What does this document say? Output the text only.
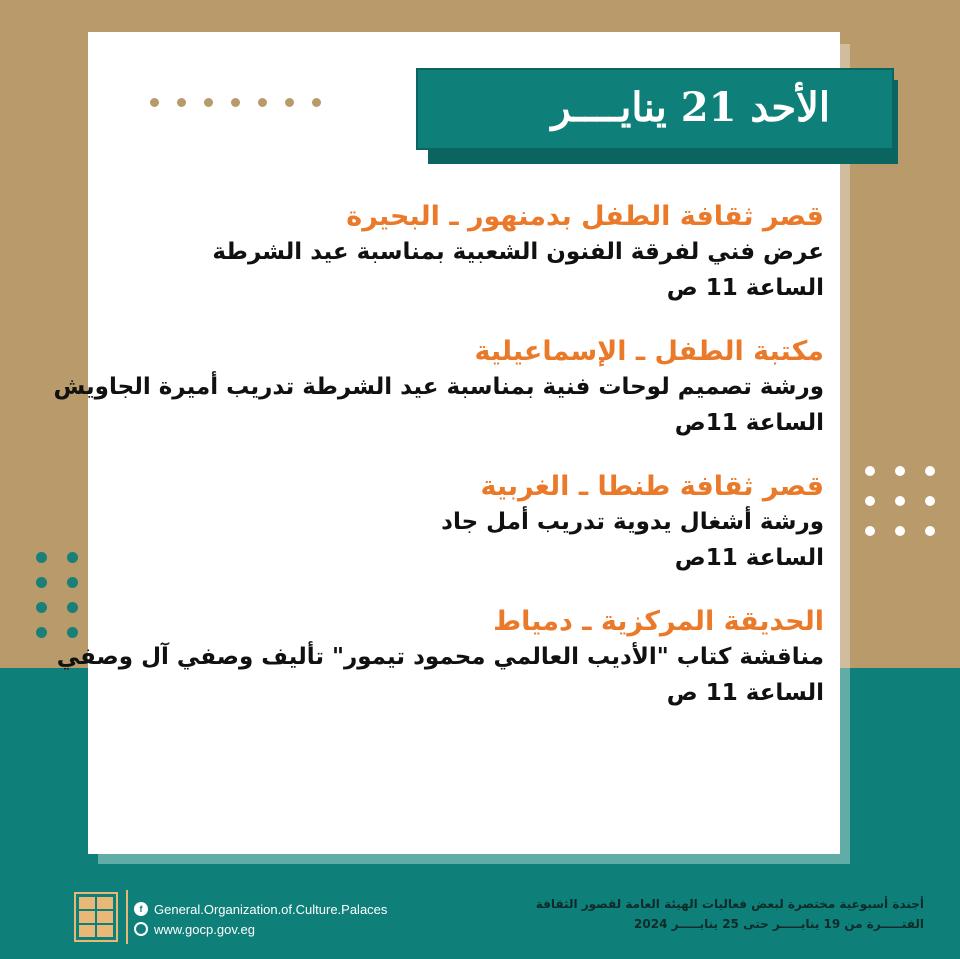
الأحد 21 ينايــــر
قصر ثقافة الطفل بدمنهور ـ البحيرة
عرض فني لفرقة الفنون الشعبية بمناسبة عيد الشرطة
الساعة 11 ص
مكتبة الطفل ـ الإسماعيلية
ورشة تصميم لوحات فنية بمناسبة عيد الشرطة تدريب أميرة الجاويش
الساعة 11ص
قصر ثقافة طنطا ـ الغربية
ورشة أشغال يدوية تدريب أمل جاد
الساعة 11ص
الحديقة المركزية ـ دمياط
مناقشة كتاب "الأديب العالمي محمود تيمور" تأليف وصفي آل وصفي
الساعة 11 ص
f General.Organization.of.Culture.Palaces
www.gocp.gov.eg
أجندة أسبوعية مختصرة لبعض فعاليات الهيئة العامة لقصور الثقافة
الفتـــــرة من 19 ينايـــــر حتى 25 ينايـــــر 2024
